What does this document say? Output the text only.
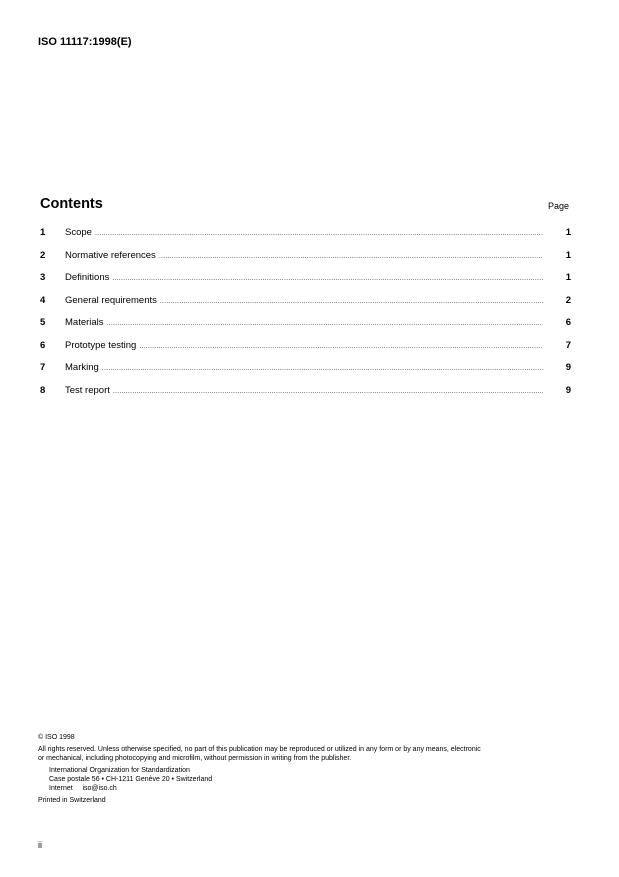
ISO 11117:1998(E)
Contents	Page
1	Scope .....	1
2	Normative references .....	1
3	Definitions .....	1
4	General requirements .....	2
5	Materials .....	6
6	Prototype testing .....	7
7	Marking .....	9
8	Test report .....	9

© ISO 1998

All rights reserved. Unless otherwise specified, no part of this publication may be reproduced or utilized in any form or by any means, electronic

or mechanical, including photocopying and microfilm, without permission in writing from the publisher.

International Organization for Standardization

Case postale 56 • CH-1211 Genève 20 • Switzerland

Internet     iso@iso.ch

Printed in Switzerland

ii
